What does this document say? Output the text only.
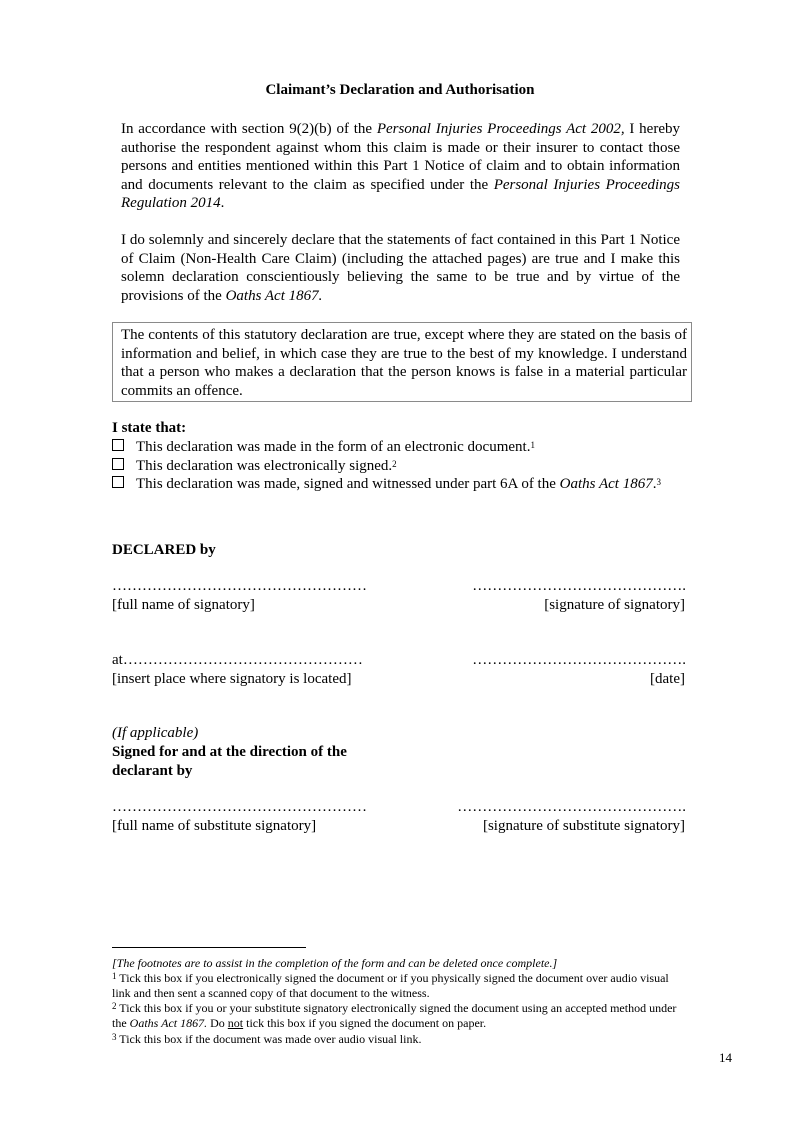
Claimant’s Declaration and Authorisation
In accordance with section 9(2)(b) of the Personal Injuries Proceedings Act 2002, I hereby authorise the respondent against whom this claim is made or their insurer to contact those persons and entities mentioned within this Part 1 Notice of claim and to obtain information and documents relevant to the claim as specified under the Personal Injuries Proceedings Regulation 2014.
I do solemnly and sincerely declare that the statements of fact contained in this Part 1 Notice of Claim (Non-Health Care Claim) (including the attached pages) are true and I make this solemn declaration conscientiously believing the same to be true and by virtue of the provisions of the Oaths Act 1867.
The contents of this statutory declaration are true, except where they are stated on the basis of information and belief, in which case they are true to the best of my knowledge. I understand that a person who makes a declaration that the person knows is false in a material particular commits an offence.
I state that:
This declaration was made in the form of an electronic document.$^1$
This declaration was electronically signed.$^2$
This declaration was made, signed and witnessed under part 6A of the Oaths Act 1867.$^3$
DECLARED by
……………………………………………	…………………………………….
[full name of signatory]	[signature of signatory]
at…………………………………………	…………………………………….
[insert place where signatory is located]	[date]
(If applicable)
Signed for and at the direction of the
declarant by
……………………………………………	……………………………………….
[full name of substitute signatory]	[signature of substitute signatory]
[The footnotes are to assist in the completion of the form and can be deleted once complete.]
$^1$ Tick this box if you electronically signed the document or if you physically signed the document over audio visual link and then sent a scanned copy of that document to the witness.
$^2$ Tick this box if you or your substitute signatory electronically signed the document using an accepted method under the Oaths Act 1867. Do not tick this box if you signed the document on paper.
$^3$ Tick this box if the document was made over audio visual link.
14
